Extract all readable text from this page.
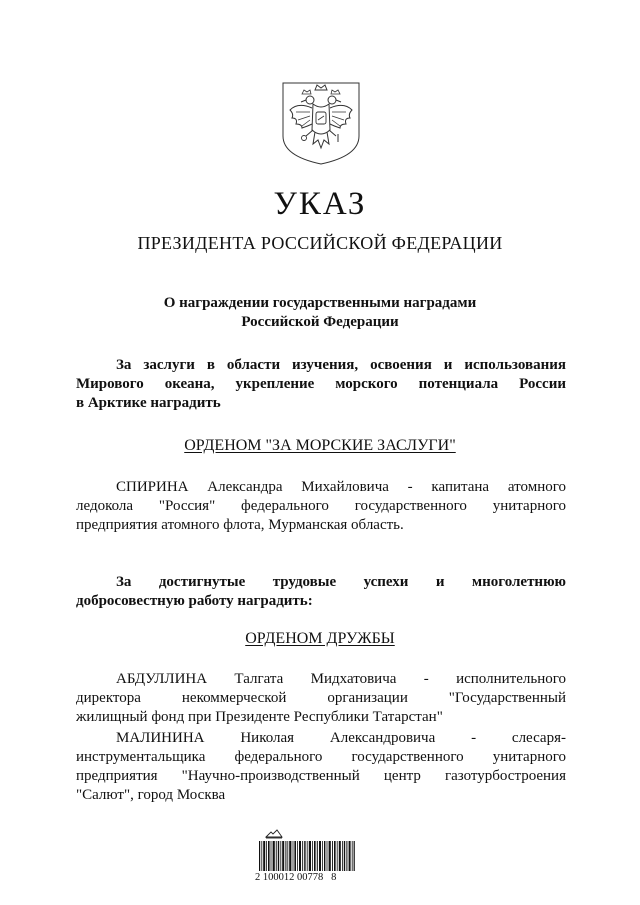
УКАЗ
ПРЕЗИДЕНТА РОССИЙСКОЙ ФЕДЕРАЦИИ
О награждении государственными наградами
Российской Федерации
За заслуги в области изучения, освоения и использования
Мирового океана, укрепление морского потенциала России
в Арктике наградить
ОРДЕНОМ "ЗА МОРСКИЕ ЗАСЛУГИ"
СПИРИНА Александра Михайловича - капитана атомного
ледокола "Россия" федерального государственного унитарного
предприятия атомного флота, Мурманская область.
За достигнутые трудовые успехи и многолетнюю
добросовестную работу наградить:
ОРДЕНОМ ДРУЖБЫ
АБДУЛЛИНА Талгата Мидхатовича - исполнительного
директора некоммерческой организации "Государственный
жилищный фонд при Президенте Республики Татарстан"
МАЛИНИНА Николая Александровича - слесаря-
инструментальщика федерального государственного унитарного
предприятия "Научно-производственный центр газотурбостроения
"Салют", город Москва
2 100012 00778   8
